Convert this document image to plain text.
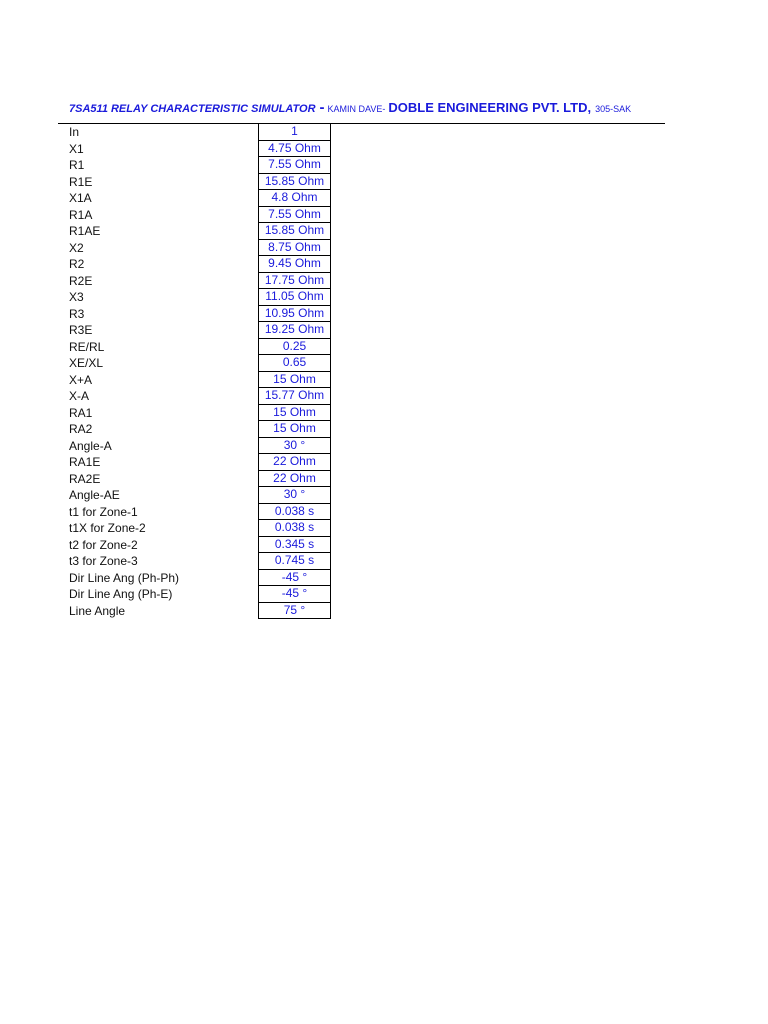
7SA511 RELAY CHARACTERISTIC SIMULATOR - KAMIN DAVE- DOBLE ENGINEERING PVT. LTD, 305-SAK
In	1
X1	4.75 Ohm
R1	7.55 Ohm
R1E	15.85 Ohm
X1A	4.8 Ohm
R1A	7.55 Ohm
R1AE	15.85 Ohm
X2	8.75 Ohm
R2	9.45 Ohm
R2E	17.75 Ohm
X3	11.05 Ohm
R3	10.95 Ohm
R3E	19.25 Ohm
RE/RL	0.25
XE/XL	0.65
X+A	15 Ohm
X-A	15.77 Ohm
RA1	15 Ohm
RA2	15 Ohm
Angle-A	30 °
RA1E	22 Ohm
RA2E	22 Ohm
Angle-AE	30 °
t1 for Zone-1	0.038 s
t1X for Zone-2	0.038 s
t2 for Zone-2	0.345 s
t3 for Zone-3	0.745 s
Dir Line Ang (Ph-Ph)	-45 °
Dir Line Ang (Ph-E)	-45 °
Line Angle	75 °
